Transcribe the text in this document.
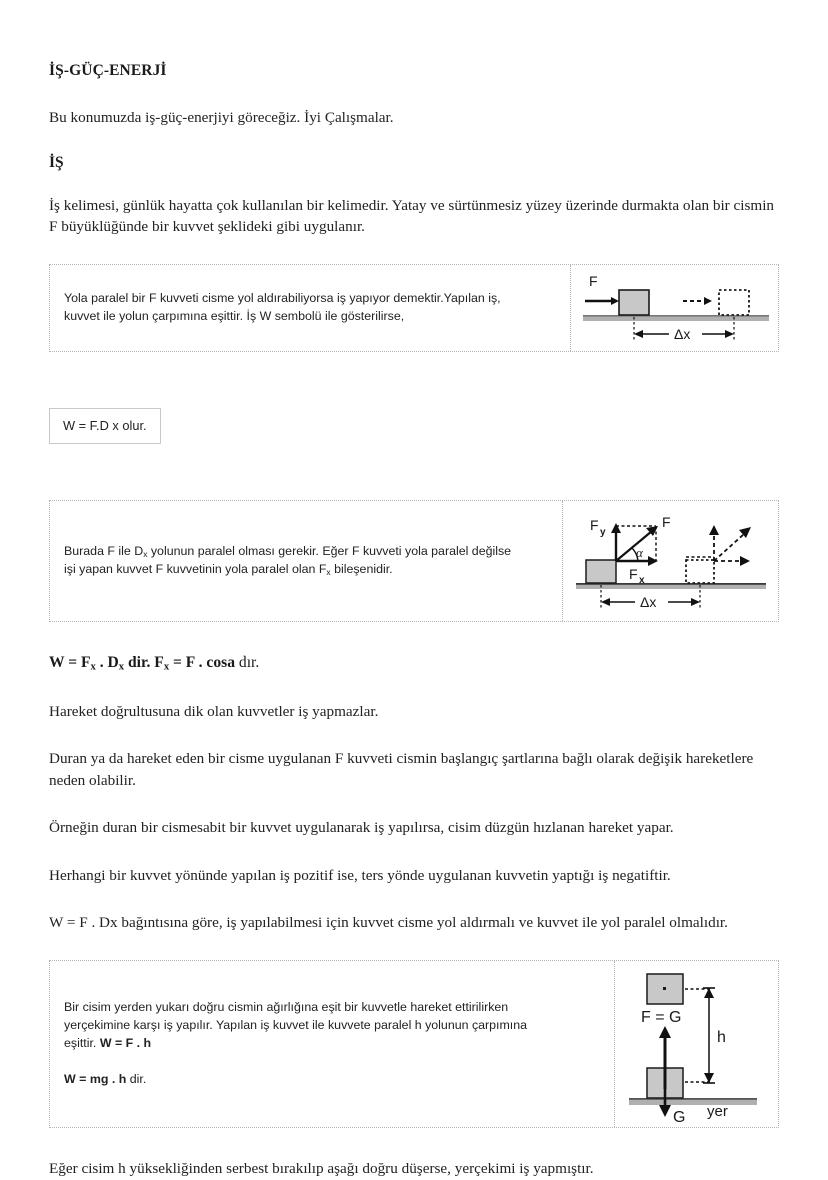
İŞ-GÜÇ-ENERJİ

Bu konumuzda iş-güç-enerjiyi göreceğiz. İyi Çalışmalar.

İŞ

İş kelimesi, günlük hayatta çok kullanılan bir kelimedir. Yatay ve sürtünmesiz yüzey üzerinde durmakta olan bir cismin F büyüklüğünde bir kuvvet şeklideki gibi uygulanır.

Yola paralel bir F kuvveti cisme yol aldırabiliyorsa iş yapıyor demektir.Yapılan iş,
kuvvet ile yolun çarpımına eşittir. İş W sembolü ile gösterilirse,

F
Δx
W = F.D x olur.

Burada F ile $D_x$ yolunun paralel olması gerekir. Eğer F kuvveti yola paralel değilse
işi yapan kuvvet F kuvvetinin yola paralel olan $F_x$ bileşenidir.

F y
F
F x
α
Δx

$W = F_x$ . $D_x$ dir. $F_x = F$ . cosa dır.

Hareket doğrultusuna dik olan kuvvetler iş yapmazlar.

Duran ya da hareket eden bir cisme uygulanan F kuvveti cismin başlangıç şartlarına bağlı olarak değişik hareketlere neden olabilir.

Örneğin duran bir cismesabit bir kuvvet uygulanarak iş yapılırsa, cisim düzgün hızlanan hareket yapar.

Herhangi bir kuvvet yönünde yapılan iş pozitif ise, ters yönde uygulanan kuvvetin yaptığı iş negatiftir.

W = F . Dx bağıntısına göre, iş yapılabilmesi için kuvvet cisme yol aldırmalı ve kuvvet ile yol paralel olmalıdır.

Bir cisim yerden yukarı doğru cismin ağırlığına eşit bir kuvvetle hareket ettirilirken
yerçekimine karşı iş yapılır. Yapılan iş kuvvet ile kuvvete paralel h yolunun çarpımına
eşittir. W = F . h

W = mg . h dir.

F = G
G
h
yer

Eğer cisim h yüksekliğinden serbest bırakılıp aşağı doğru düşerse, yerçekimi iş yapmıştır.
